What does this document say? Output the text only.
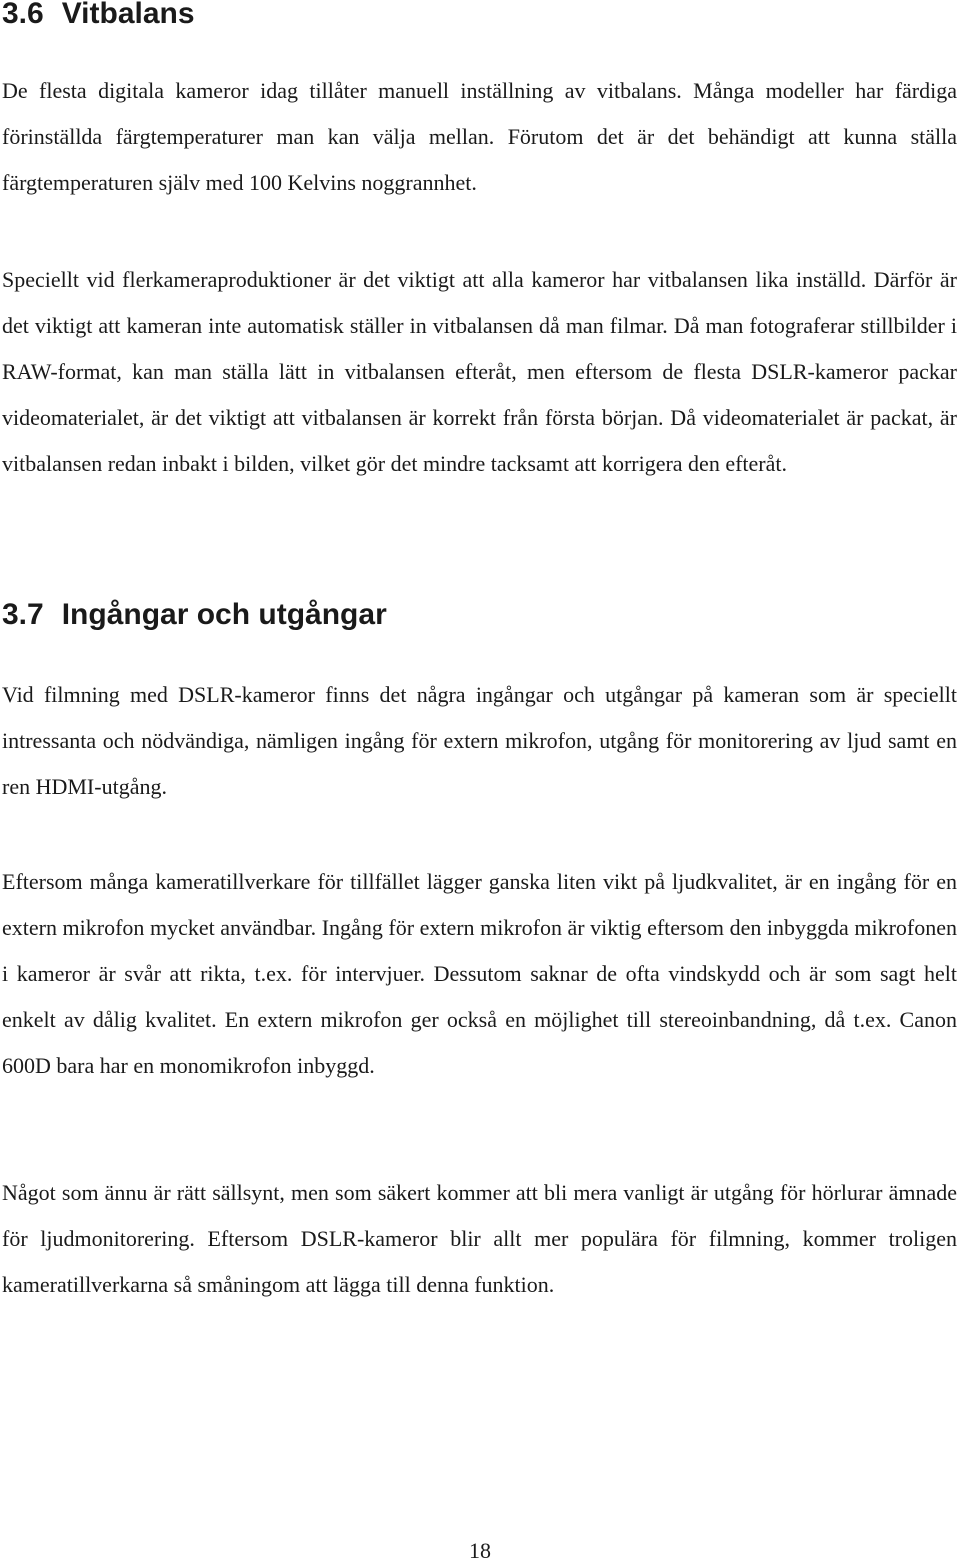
3.6 Vitbalans

De flesta digitala kameror idag tillåter manuell inställning av vitbalans. Många modeller har färdiga förinställda färgtemperaturer man kan välja mellan. Förutom det är det behändigt att kunna ställa färgtemperaturen själv med 100 Kelvins noggrannhet.

Speciellt vid flerkameraproduktioner är det viktigt att alla kameror har vitbalansen lika inställd. Därför är det viktigt att kameran inte automatisk ställer in vitbalansen då man filmar. Då man fotograferar stillbilder i RAW-format, kan man ställa lätt in vitbalansen efteråt, men eftersom de flesta DSLR-kameror packar videomaterialet, är det viktigt att vitbalansen är korrekt från första början. Då videomaterialet är packat, är vitbalansen redan inbakt i bilden, vilket gör det mindre tacksamt att korrigera den efteråt.

3.7 Ingångar och utgångar

Vid filmning med DSLR-kameror finns det några ingångar och utgångar på kameran som är speciellt intressanta och nödvändiga, nämligen ingång för extern mikrofon, utgång för monitorering av ljud samt en ren HDMI-utgång.

Eftersom många kameratillverkare för tillfället lägger ganska liten vikt på ljudkvalitet, är en ingång för en extern mikrofon mycket användbar. Ingång för extern mikrofon är viktig eftersom den inbyggda mikrofonen i kameror är svår att rikta, t.ex. för intervjuer. Dessutom saknar de ofta vindskydd och är som sagt helt enkelt av dålig kvalitet. En extern mikrofon ger också en möjlighet till stereoinbandning, då t.ex. Canon 600D bara har en monomikrofon inbyggd.

Något som ännu är rätt sällsynt, men som säkert kommer att bli mera vanligt är utgång för hörlurar ämnade för ljudmonitorering. Eftersom DSLR-kameror blir allt mer populära för filmning, kommer troligen kameratillverkarna så småningom att lägga till denna funktion.

18
